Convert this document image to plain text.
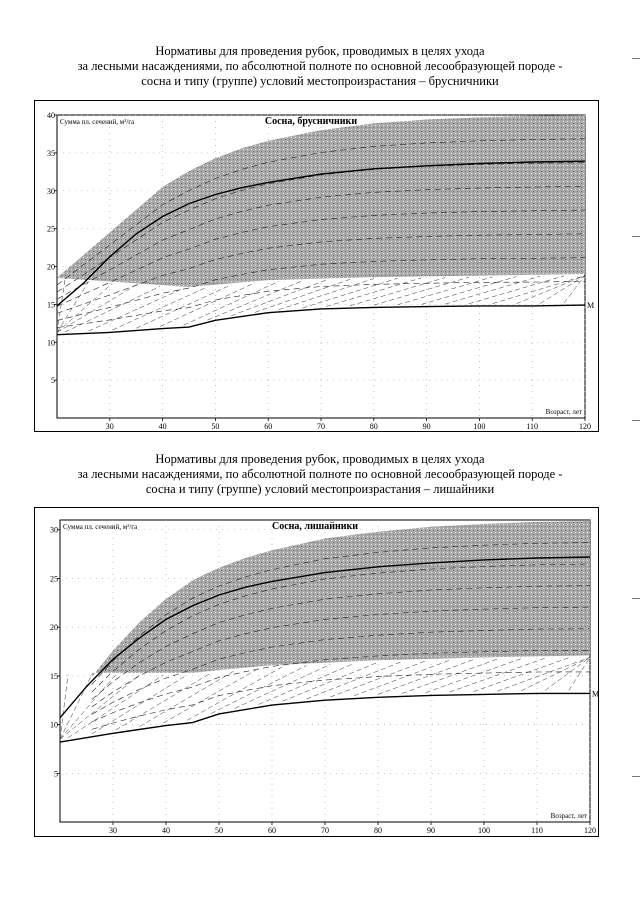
Нормативы для проведения рубок, проводимых в целях ухода
за лесными насаждениями, по абсолютной полноте по основной лесообразующей породе -
сосна и типу (группе) условий местопроизрастания – брусничники
M
30	40	50	60	70	80	90	100	110	120
5
10
15
20
25
30
35
40
Сосна, брусничники
Сумма пл. сечений, м²/га
Возраст, лет
Нормативы для проведения рубок, проводимых в целях ухода
за лесными насаждениями, по абсолютной полноте по основной лесообразующей породе -
сосна и типу (группе) условий местопроизрастания – лишайники
M
30	40	50	60	70	80	90	100	110	120
5
10
15
20
25
30	Сосна, лишайники
Сумма пл. сечений, м²/га
Возраст, лет
